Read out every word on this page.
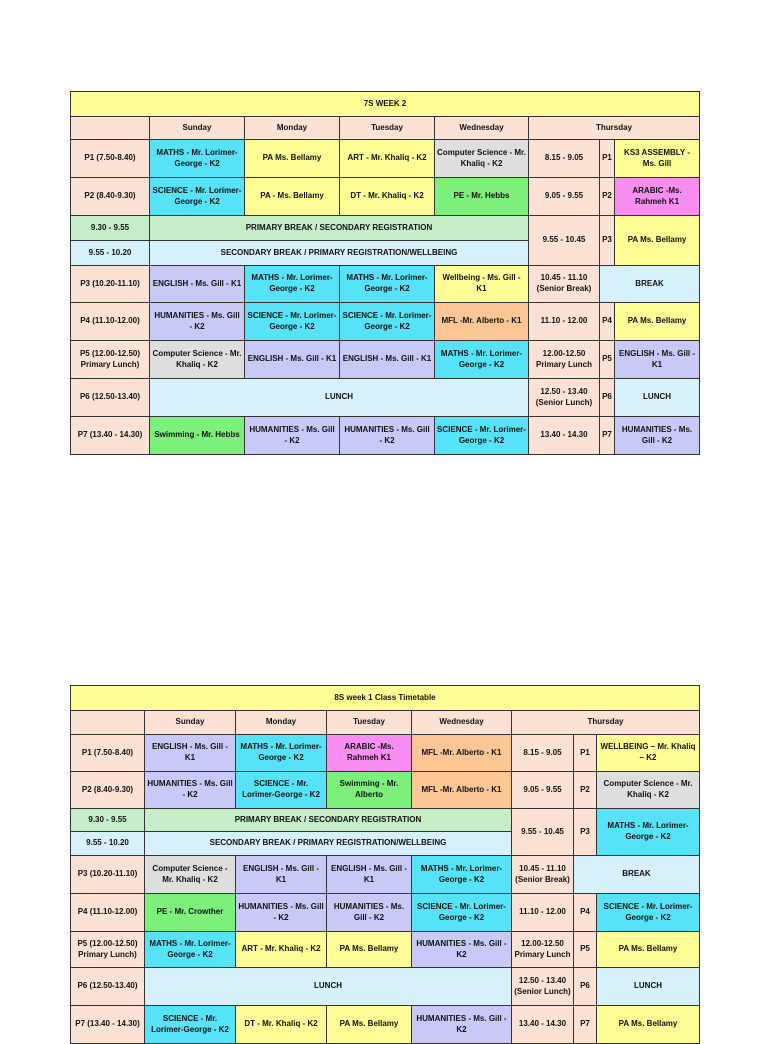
7S WEEK 2							
	Sunday	Monday	Tuesday	Wednesday	Thursday		
P1 (7.50-8.40)	MATHS - Mr. Lorimer-George - K2	PA Ms. Bellamy	ART - Mr. Khaliq - K2	Computer Science - Mr. Khaliq - K2	8.15 - 9.05	P1	KS3 ASSEMBLY - Ms. Gill
P2 (8.40-9.30)	SCIENCE - Mr. Lorimer-George - K2	PA - Ms. Bellamy	DT - Mr. Khaliq - K2	PE - Mr. Hebbs	9.05 - 9.55	P2	ARABIC -Ms. Rahmeh K1
9.30 - 9.55	PRIMARY BREAK / SECONDARY REGISTRATION				9.55 - 10.45	P3	PA Ms. Bellamy
9.55 - 10.20	SECONDARY BREAK / PRIMARY REGISTRATION/WELLBEING						
P3 (10.20-11.10)	ENGLISH - Ms. Gill - K1	MATHS - Mr. Lorimer-George - K2	MATHS - Mr. Lorimer-George - K2	Wellbeing - Ms. Gill - K1	10.45 - 11.10 (Senior Break)	BREAK	
P4 (11.10-12.00)	HUMANITIES - Ms. Gill - K2	SCIENCE - Mr. Lorimer-George - K2	SCIENCE - Mr. Lorimer-George - K2	MFL -Mr. Alberto - K1	11.10 - 12.00	P4	PA Ms. Bellamy
P5 (12.00-12.50) Primary Lunch)	Computer Science - Mr. Khaliq - K2	ENGLISH - Ms. Gill - K1	ENGLISH - Ms. Gill - K1	MATHS - Mr. Lorimer-George - K2	12.00-12.50 Primary Lunch	P5	ENGLISH - Ms. Gill - K1
P6 (12.50-13.40)	LUNCH				12.50 - 13.40 (Senior Lunch)	P6	LUNCH
P7 (13.40 - 14.30)	Swimming - Mr. Hebbs	HUMANITIES - Ms. Gill - K2	HUMANITIES - Ms. Gill - K2	SCIENCE - Mr. Lorimer-George - K2	13.40 - 14.30	P7	HUMANITIES - Ms. Gill - K2
8S week 1 Class Timetable							
	Sunday	Monday	Tuesday	Wednesday	Thursday		
P1 (7.50-8.40)	ENGLISH - Ms. Gill - K1	MATHS - Mr. Lorimer-George - K2	ARABIC -Ms. Rahmeh K1	MFL -Mr. Alberto - K1	8.15 - 9.05	P1	WELLBEING – Mr. Khaliq – K2
P2 (8.40-9.30)	HUMANITIES - Ms. Gill - K2	SCIENCE - Mr. Lorimer-George - K2	Swimming - Mr. Alberto	MFL -Mr. Alberto - K1	9.05 - 9.55	P2	Computer Science - Mr. Khaliq - K2
9.30 - 9.55	PRIMARY BREAK / SECONDARY REGISTRATION				9.55 - 10.45	P3	MATHS - Mr. Lorimer-George - K2
9.55 - 10.20	SECONDARY BREAK / PRIMARY REGISTRATION/WELLBEING						
P3 (10.20-11.10)	Computer Science - Mr. Khaliq - K2	ENGLISH - Ms. Gill - K1	ENGLISH - Ms. Gill - K1	MATHS - Mr. Lorimer-George - K2	10.45 - 11.10 (Senior Break)	BREAK	
P4 (11.10-12.00)	PE - Mr. Crowther	HUMANITIES - Ms. Gill - K2	HUMANITIES - Ms. Gill - K2	SCIENCE - Mr. Lorimer-George - K2	11.10 - 12.00	P4	SCIENCE - Mr. Lorimer-George - K2
P5 (12.00-12.50) Primary Lunch)	MATHS - Mr. Lorimer-George - K2	ART - Mr. Khaliq - K2	PA Ms. Bellamy	HUMANITIES - Ms. Gill - K2	12.00-12.50 Primary Lunch	P5	PA Ms. Bellamy
P6 (12.50-13.40)	LUNCH				12.50 - 13.40 (Senior Lunch)	P6	LUNCH
P7 (13.40 - 14.30)	SCIENCE - Mr. Lorimer-George - K2	DT - Mr. Khaliq - K2	PA Ms. Bellamy	HUMANITIES - Ms. Gill - K2	13.40 - 14.30	P7	PA Ms. Bellamy
